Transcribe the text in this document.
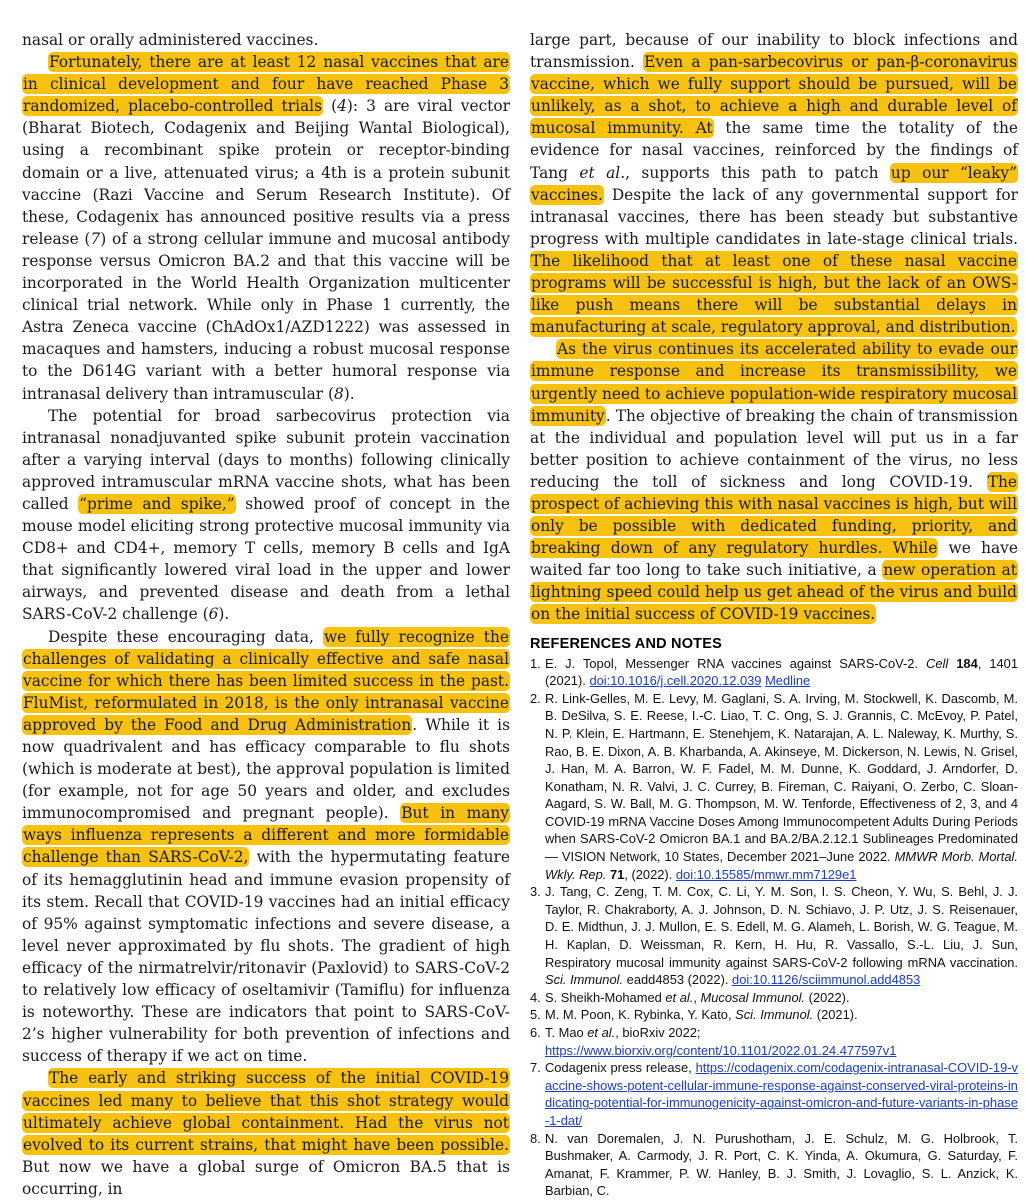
nasal or orally administered vaccines.

Fortunately, there are at least 12 nasal vaccines that are in clinical development and four have reached Phase 3 randomized, placebo-controlled trials (4): 3 are viral vector (Bharat Biotech, Codagenix and Beijing Wantal Biological), using a recombinant spike protein or receptor-binding domain or a live, attenuated virus; a 4th is a protein subunit vaccine (Razi Vaccine and Serum Research Institute). Of these, Codagenix has announced positive results via a press release (7) of a strong cellular immune and mucosal antibody response versus Omicron BA.2 and that this vaccine will be incorporated in the World Health Organization multicenter clinical trial network. While only in Phase 1 currently, the Astra Zeneca vaccine (ChAdOx1/AZD1222) was assessed in macaques and hamsters, inducing a robust mucosal response to the D614G variant with a better humoral response via intranasal delivery than intramuscular (8).

The potential for broad sarbecovirus protection via intranasal nonadjuvanted spike subunit protein vaccination after a varying interval (days to months) following clinically approved intramuscular mRNA vaccine shots, what has been called “prime and spike,” showed proof of concept in the mouse model eliciting strong protective mucosal immunity via CD8+ and CD4+, memory T cells, memory B cells and IgA that significantly lowered viral load in the upper and lower airways, and prevented disease and death from a lethal SARS-CoV-2 challenge (6).

Despite these encouraging data, we fully recognize the challenges of validating a clinically effective and safe nasal vaccine for which there has been limited success in the past. FluMist, reformulated in 2018, is the only intranasal vaccine approved by the Food and Drug Administration. While it is now quadrivalent and has efficacy comparable to flu shots (which is moderate at best), the approval population is limited (for example, not for age 50 years and older, and excludes immunocompromised and pregnant people). But in many ways influenza represents a different and more formidable challenge than SARS-CoV-2, with the hypermutating feature of its hemagglutinin head and immune evasion propensity of its stem. Recall that COVID-19 vaccines had an initial efficacy of 95% against symptomatic infections and severe disease, a level never approximated by flu shots. The gradient of high efficacy of the nirmatrelvir/ritonavir (Paxlovid) to SARS-CoV-2 to relatively low efficacy of oseltamivir (Tamiflu) for influenza is noteworthy. These are indicators that point to SARS-CoV-2’s higher vulnerability for both prevention of infections and success of therapy if we act on time.

The early and striking success of the initial COVID-19 vaccines led many to believe that this shot strategy would ultimately achieve global containment. Had the virus not evolved to its current strains, that might have been possible. But now we have a global surge of Omicron BA.5 that is occurring, in

large part, because of our inability to block infections and transmission. Even a pan-sarbecovirus or pan-β-coronavirus vaccine, which we fully support should be pursued, will be unlikely, as a shot, to achieve a high and durable level of mucosal immunity. At the same time the totality of the evidence for nasal vaccines, reinforced by the findings of Tang et al., supports this path to patch up our “leaky” vaccines. Despite the lack of any governmental support for intranasal vaccines, there has been steady but substantive progress with multiple candidates in late-stage clinical trials. The likelihood that at least one of these nasal vaccine programs will be successful is high, but the lack of an OWS-like push means there will be substantial delays in manufacturing at scale, regulatory approval, and distribution.

As the virus continues its accelerated ability to evade our immune response and increase its transmissibility, we urgently need to achieve population-wide respiratory mucosal immunity. The objective of breaking the chain of transmission at the individual and population level will put us in a far better position to achieve containment of the virus, no less reducing the toll of sickness and long COVID-19. The prospect of achieving this with nasal vaccines is high, but will only be possible with dedicated funding, priority, and breaking down of any regulatory hurdles. While we have waited far too long to take such initiative, a new operation at lightning speed could help us get ahead of the virus and build on the initial success of COVID-19 vaccines.

REFERENCES AND NOTES
1. E. J. Topol, Messenger RNA vaccines against SARS-CoV-2. Cell 184, 1401 (2021). doi:10.1016/j.cell.2020.12.039 Medline
2. R. Link-Gelles, M. E. Levy, M. Gaglani, S. A. Irving, M. Stockwell, K. Dascomb, M. B. DeSilva, S. E. Reese, I.-C. Liao, T. C. Ong, S. J. Grannis, C. McEvoy, P. Patel, N. P. Klein, E. Hartmann, E. Stenehjem, K. Natarajan, A. L. Naleway, K. Murthy, S. Rao, B. E. Dixon, A. B. Kharbanda, A. Akinseye, M. Dickerson, N. Lewis, N. Grisel, J. Han, M. A. Barron, W. F. Fadel, M. M. Dunne, K. Goddard, J. Arndorfer, D. Konatham, N. R. Valvi, J. C. Currey, B. Fireman, C. Raiyani, O. Zerbo, C. Sloan-Aagard, S. W. Ball, M. G. Thompson, M. W. Tenforde, Effectiveness of 2, 3, and 4 COVID-19 mRNA Vaccine Doses Among Immunocompetent Adults During Periods when SARS-CoV-2 Omicron BA.1 and BA.2/BA.2.12.1 Sublineages Predominated — VISION Network, 10 States, December 2021–June 2022. MMWR Morb. Mortal. Wkly. Rep. 71, (2022). doi:10.15585/mmwr.mm7129e1
3. J. Tang, C. Zeng, T. M. Cox, C. Li, Y. M. Son, I. S. Cheon, Y. Wu, S. Behl, J. J. Taylor, R. Chakraborty, A. J. Johnson, D. N. Schiavo, J. P. Utz, J. S. Reisenauer, D. E. Midthun, J. J. Mullon, E. S. Edell, M. G. Alameh, L. Borish, W. G. Teague, M. H. Kaplan, D. Weissman, R. Kern, H. Hu, R. Vassallo, S.-L. Liu, J. Sun, Respiratory mucosal immunity against SARS-CoV-2 following mRNA vaccination. Sci. Immunol. eadd4853 (2022). doi:10.1126/sciimmunol.add4853
4. S. Sheikh-Mohamed et al., Mucosal Immunol. (2022).
5. M. M. Poon, K. Rybinka, Y. Kato, Sci. Immunol. (2021).
6. T. Mao et al., bioRxiv 2022;
https://www.biorxiv.org/content/10.1101/2022.01.24.477597v1
7. Codagenix press release, https://codagenix.com/codagenix-intranasal-COVID-19-vaccine-shows-potent-cellular-immune-response-against-conserved-viral-proteins-indicating-potential-for-immunogenicity-against-omicron-and-future-variants-in-phase-1-dat/
8. N. van Doremalen, J. N. Purushotham, J. E. Schulz, M. G. Holbrook, T. Bushmaker, A. Carmody, J. R. Port, C. K. Yinda, A. Okumura, G. Saturday, F. Amanat, F. Krammer, P. W. Hanley, B. J. Smith, J. Lovaglio, S. L. Anzick, K. Barbian, C.
